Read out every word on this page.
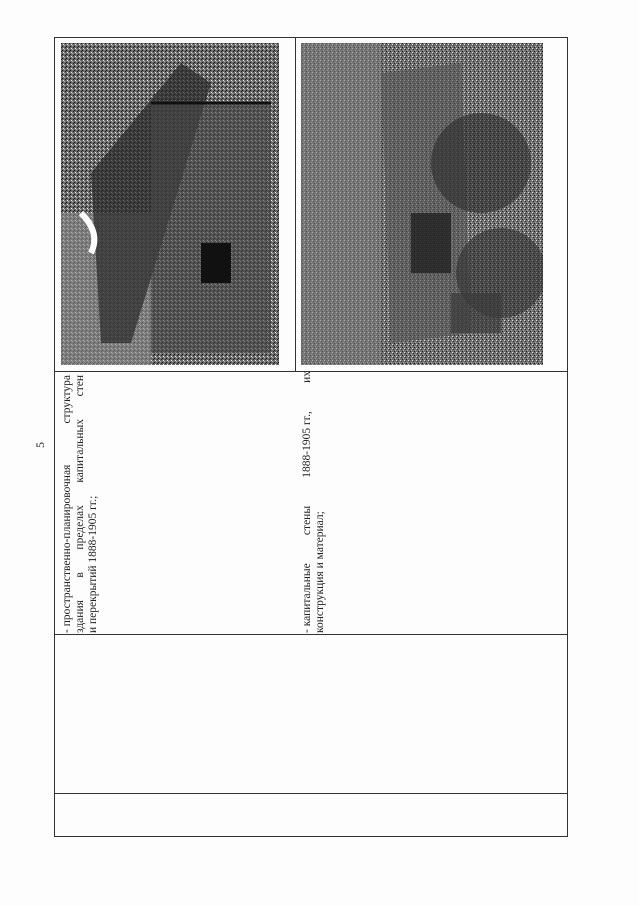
5
- пространственно-планировочная
структура
здания
в
пределах
капитальных
стен
и перекрытий 1888-1905 гг.;	- капитальные
стены
1888-1905 гг.,
их
конструкция и материал;
